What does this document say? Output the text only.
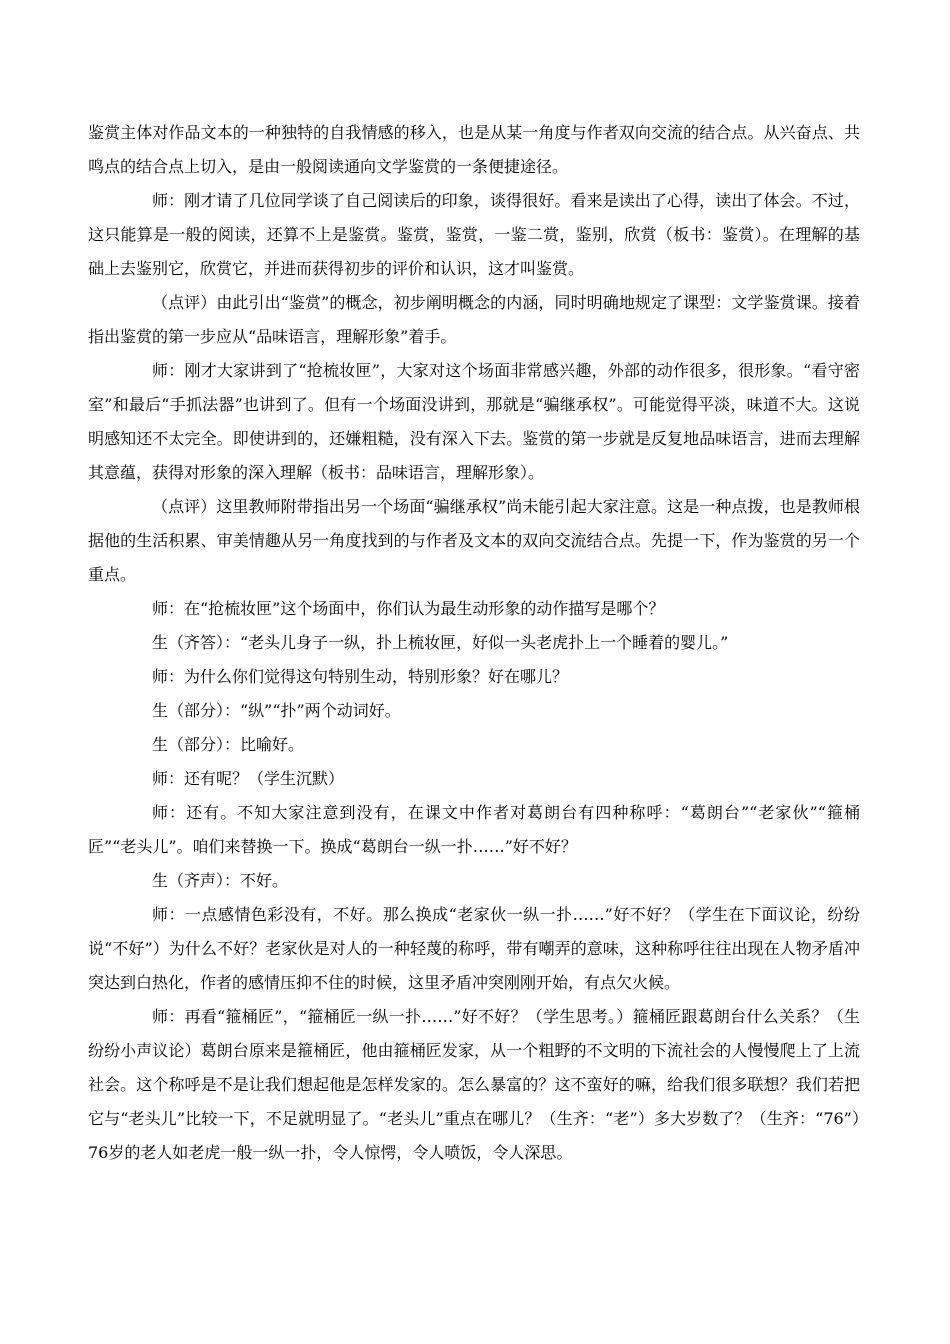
鉴赏主体对作品文本的一种独特的自我情感的移入，也是从某一角度与作者双向交流的结合点。从兴奋点、共鸣点的结合点上切入，是由一般阅读通向文学鉴赏的一条便捷途径。

师：刚才请了几位同学谈了自己阅读后的印象，谈得很好。看来是读出了心得，读出了体会。不过，这只能算是一般的阅读，还算不上是鉴赏。鉴赏，鉴赏，一鉴二赏，鉴别，欣赏（板书：鉴赏）。在理解的基础上去鉴别它，欣赏它，并进而获得初步的评价和认识，这才叫鉴赏。

（点评）由此引出“鉴赏”的概念，初步阐明概念的内涵，同时明确地规定了课型：文学鉴赏课。接着指出鉴赏的第一步应从“品味语言，理解形象”着手。

师：刚才大家讲到了“抢梳妆匣”，大家对这个场面非常感兴趣，外部的动作很多，很形象。“看守密室”和最后“手抓法器”也讲到了。但有一个场面没讲到，那就是“骗继承权”。可能觉得平淡，味道不大。这说明感知还不太完全。即使讲到的，还嫌粗糙，没有深入下去。鉴赏的第一步就是反复地品味语言，进而去理解其意蕴，获得对形象的深入理解（板书：品味语言，理解形象）。

（点评）这里教师附带指出另一个场面“骗继承权”尚未能引起大家注意。这是一种点拨，也是教师根据他的生活积累、审美情趣从另一角度找到的与作者及文本的双向交流结合点。先提一下，作为鉴赏的另一个重点。

师：在“抢梳妆匣”这个场面中，你们认为最生动形象的动作描写是哪个？

生（齐答）：“老头儿身子一纵，扑上梳妆匣，好似一头老虎扑上一个睡着的婴儿。”

师：为什么你们觉得这句特别生动，特别形象？好在哪儿？

生（部分）：“纵”“扑”两个动词好。

生（部分）：比喻好。

师：还有呢？（学生沉默）

师：还有。不知大家注意到没有，在课文中作者对葛朗台有四种称呼：“葛朗台”“老家伙”“箍桶匠”“老头儿”。咱们来替换一下。换成“葛朗台一纵一扑……”好不好？

生（齐声）：不好。

师：一点感情色彩没有，不好。那么换成“老家伙一纵一扑……”好不好？（学生在下面议论，纷纷说“不好”）为什么不好？老家伙是对人的一种轻蔑的称呼，带有嘲弄的意味，这种称呼往往出现在人物矛盾冲突达到白热化，作者的感情压抑不住的时候，这里矛盾冲突刚刚开始，有点欠火候。

师：再看“箍桶匠”，“箍桶匠一纵一扑……”好不好？（学生思考。）箍桶匠跟葛朗台什么关系？（生纷纷小声议论）葛朗台原来是箍桶匠，他由箍桶匠发家，从一个粗野的不文明的下流社会的人慢慢爬上了上流社会。这个称呼是不是让我们想起他是怎样发家的。怎么暴富的？这不蛮好的嘛，给我们很多联想？我们若把它与“老头儿”比较一下，不足就明显了。“老头儿”重点在哪儿？（生齐：“老”）多大岁数了？（生齐：“76”）76岁的老人如老虎一般一纵一扑，令人惊愕，令人喷饭，令人深思。
